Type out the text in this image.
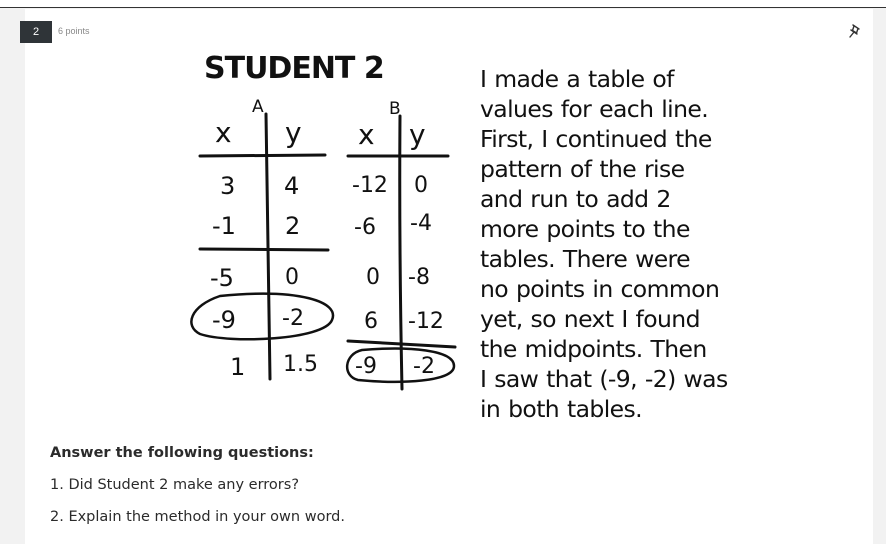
2	6 points
STUDENT 2
A	B
x y
3 4
-1 2
-5 0
-9 -2
1 1.5
x y
-12 0
-6 -4
0 -8
6 -12
-9 -2
I made a table of
values for each line.
First, I continued the
pattern of the rise
and run to add 2
more points to the
tables. There were
no points in common
yet, so next I found
the midpoints. Then
I saw that (-9, -2) was
in both tables.
Answer the following questions:
1. Did Student 2 make any errors?
2. Explain the method in your own word.
